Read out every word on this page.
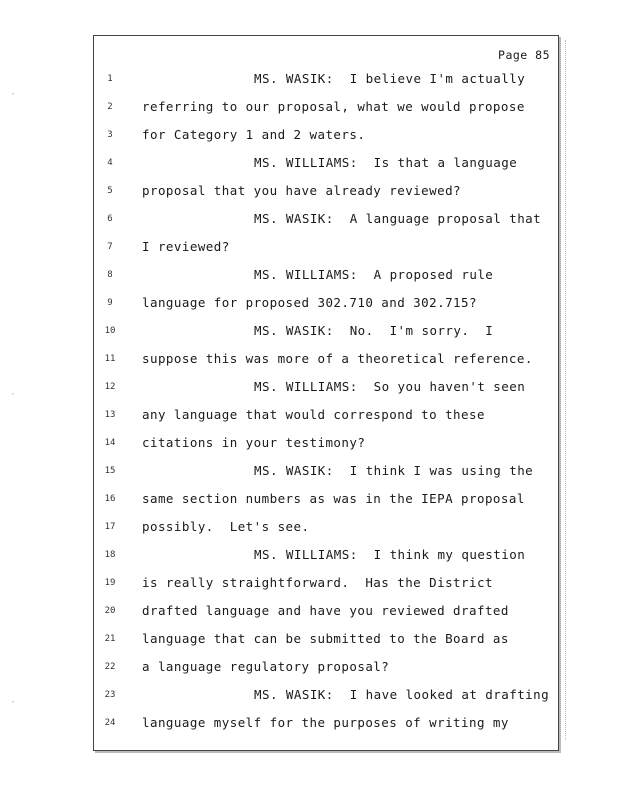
′
′
′
Page 85
1	MS. WASIK:  I believe I'm actually
2	referring to our proposal, what we would propose
3	for Category 1 and 2 waters.
4	MS. WILLIAMS:  Is that a language
5	proposal that you have already reviewed?
6	MS. WASIK:  A language proposal that
7	I reviewed?
8	MS. WILLIAMS:  A proposed rule
9	language for proposed 302.710 and 302.715?
10	MS. WASIK:  No.  I'm sorry.  I
11	suppose this was more of a theoretical reference.
12	MS. WILLIAMS:  So you haven't seen
13	any language that would correspond to these
14	citations in your testimony?
15	MS. WASIK:  I think I was using the
16	same section numbers as was in the IEPA proposal
17	possibly.  Let's see.
18	MS. WILLIAMS:  I think my question
19	is really straightforward.  Has the District
20	drafted language and have you reviewed drafted
21	language that can be submitted to the Board as
22	a language regulatory proposal?
23	MS. WASIK:  I have looked at drafting
24	language myself for the purposes of writing my
